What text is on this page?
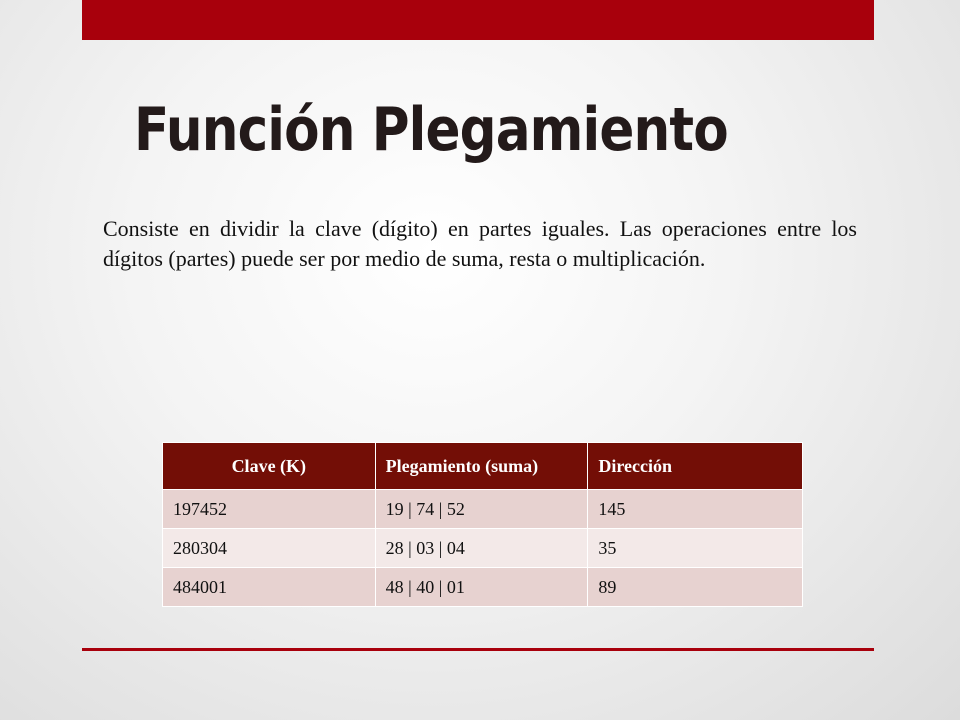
Función Plegamiento

Consiste en dividir la clave (dígito) en partes iguales. Las operaciones entre los dígitos (partes) puede ser por medio de suma, resta o multiplicación.

Clave (K)	Plegamiento (suma)	Dirección
197452	19 | 74 | 52	145
280304	28 | 03 | 04	35
484001	48 | 40 | 01	89
